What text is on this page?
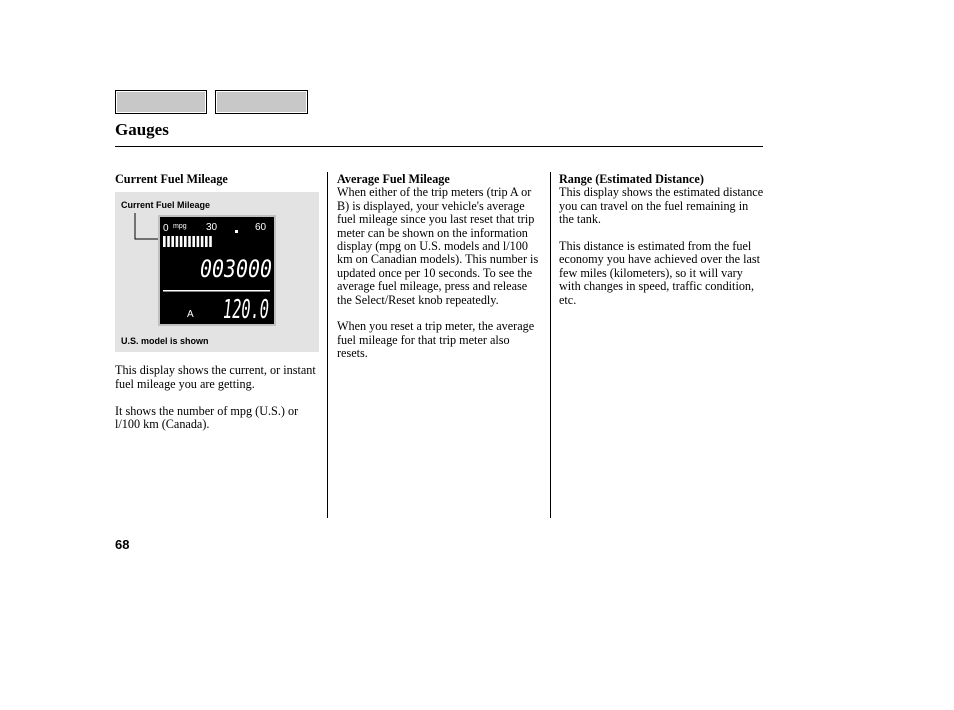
Gauges
Current Fuel Mileage
Current Fuel Mileage
0 mpg 30	60
003000
A 120.0
U.S. model is shown

This display shows the current, or instant fuel mileage you are getting.

It shows the number of mpg (U.S.) or l/100 km (Canada).

Average Fuel Mileage

When either of the trip meters (trip A or B) is displayed, your vehicle's average fuel mileage since you last reset that trip meter can be shown on the information display (mpg on U.S. models and l/100 km on Canadian models). This number is updated once per 10 seconds. To see the average fuel mileage, press and release the Select/Reset knob repeatedly.

When you reset a trip meter, the average fuel mileage for that trip meter also resets.

Range (Estimated Distance)

This display shows the estimated distance you can travel on the fuel remaining in the tank.

This distance is estimated from the fuel economy you have achieved over the last few miles (kilometers), so it will vary with changes in speed, traffic condition, etc.

68
